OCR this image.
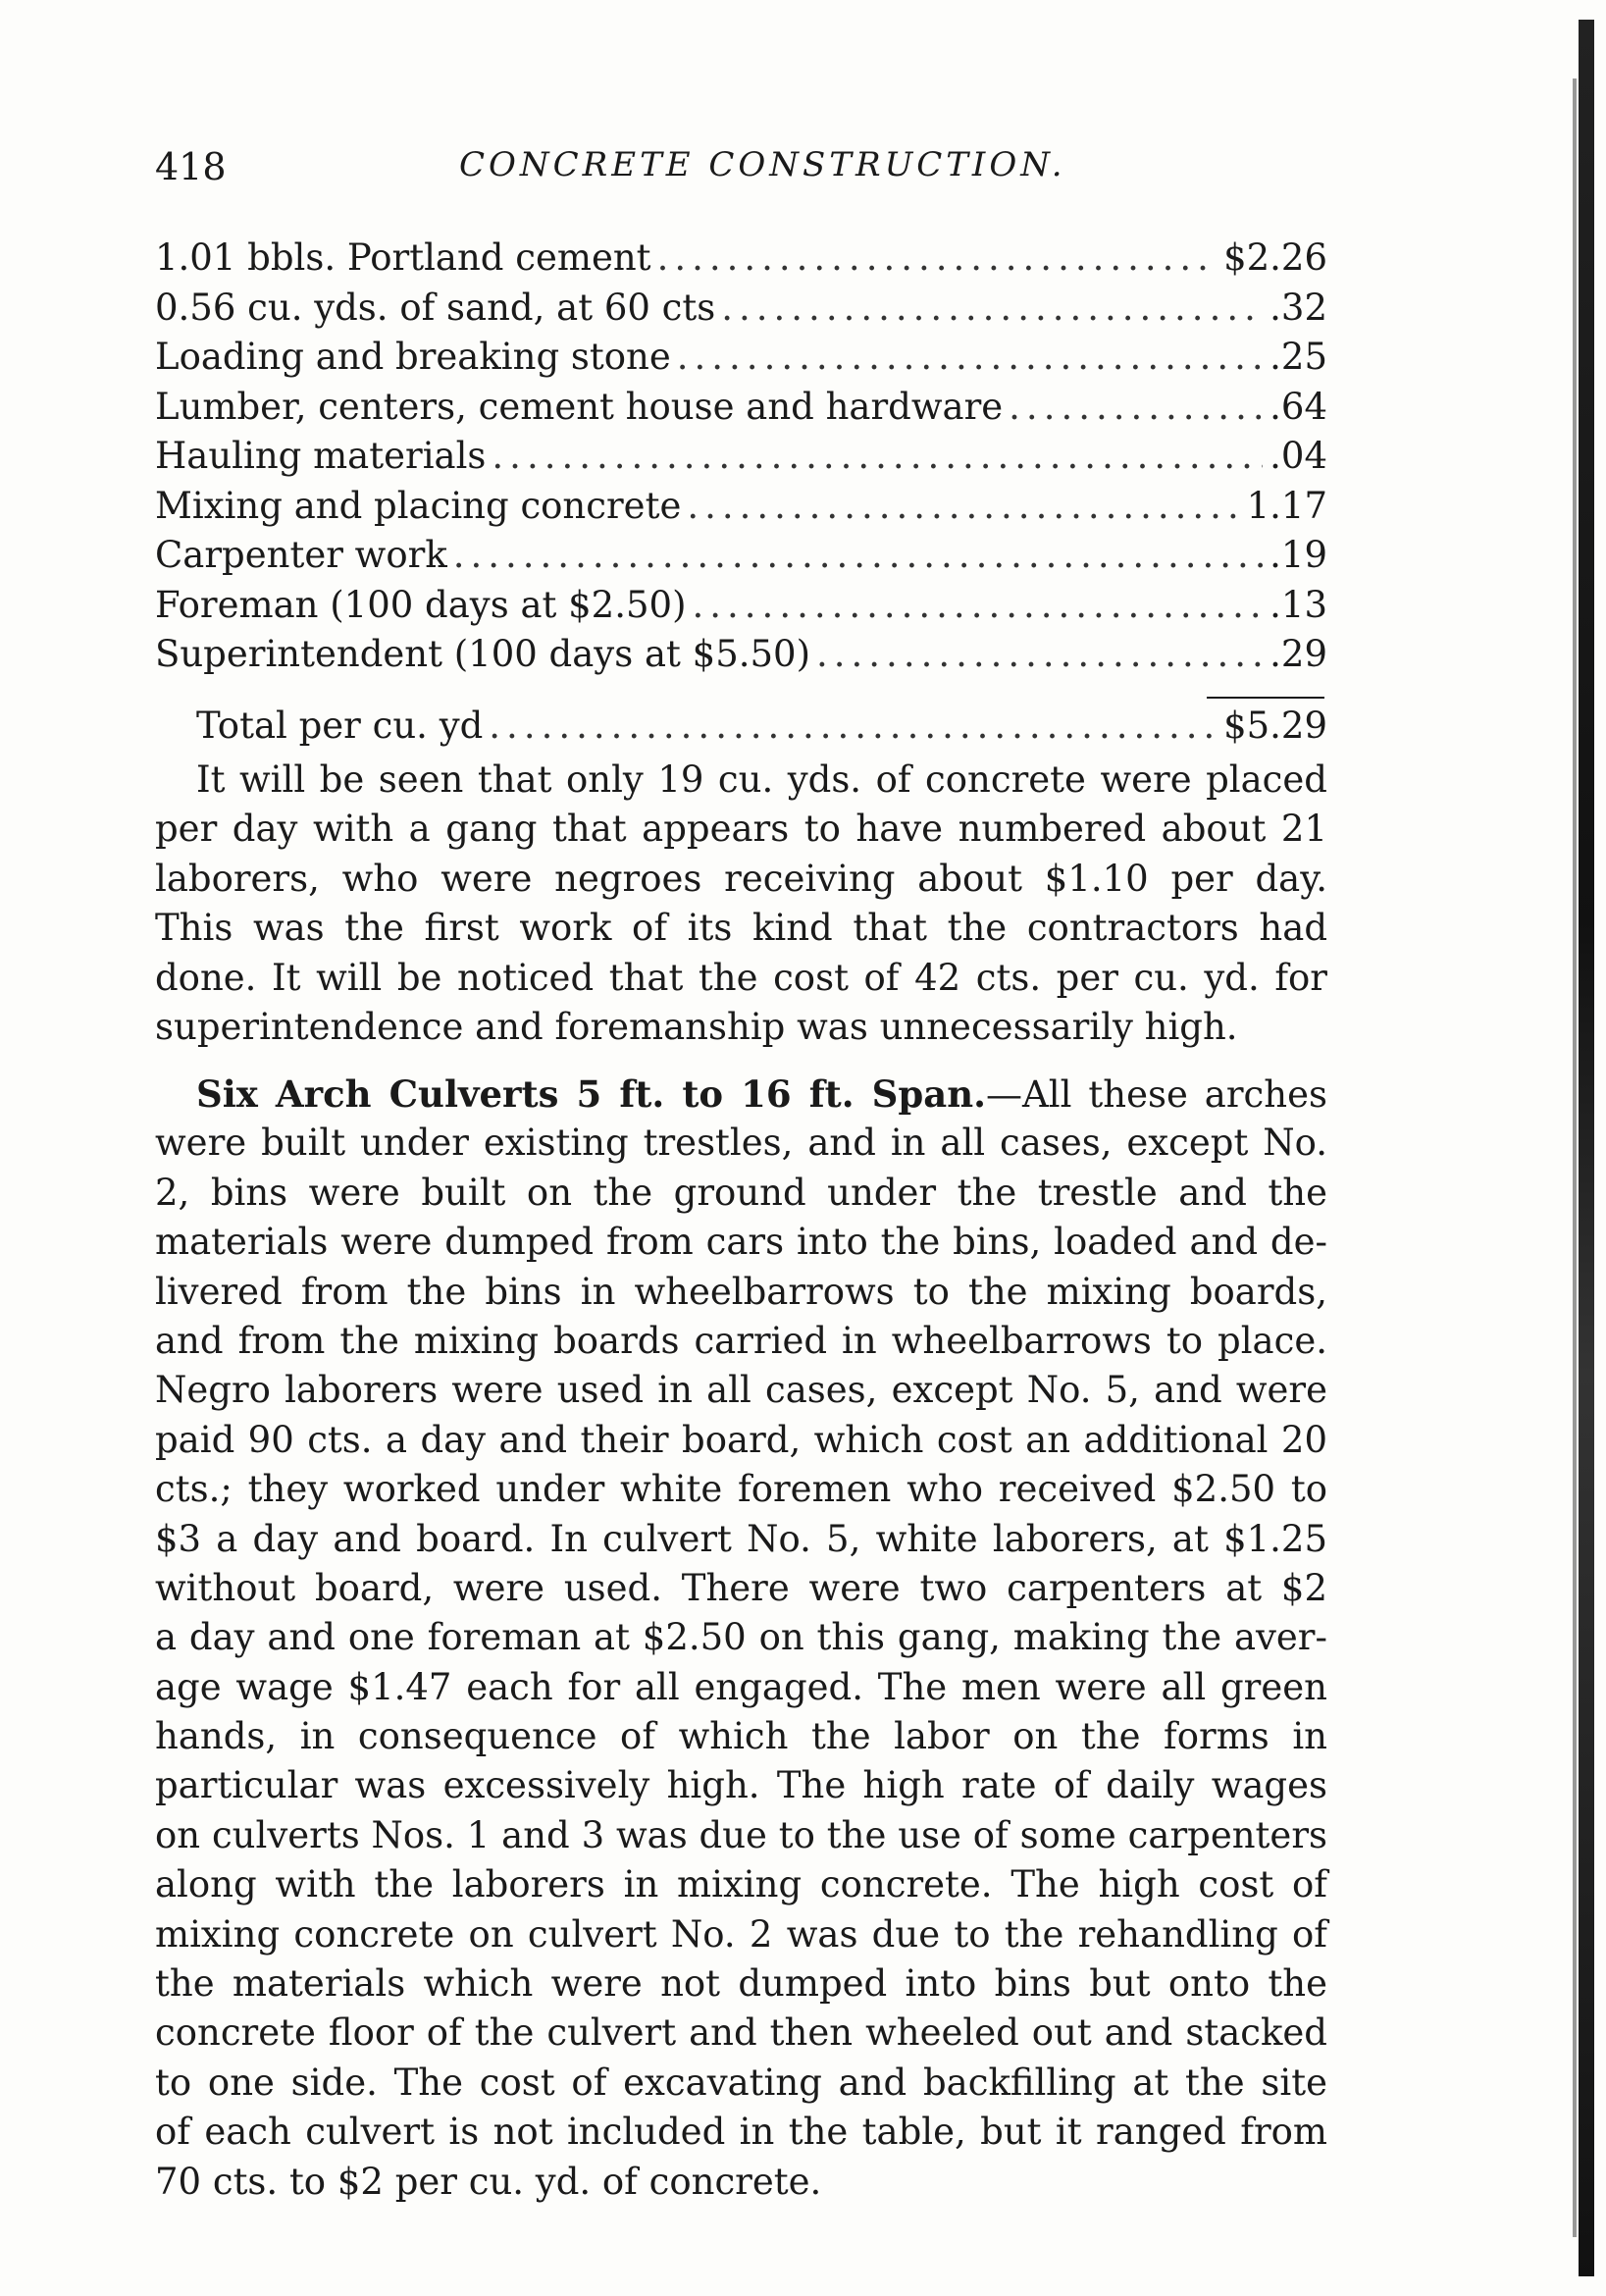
418	CONCRETE CONSTRUCTION.
1.01 bbls. Portland cement .....	$2.26
0.56 cu. yds. of sand, at 60 cts .....	.32
Loading and breaking stone .....	.25
Lumber, centers, cement house and hardware .....	.64
Hauling materials .....	.04
Mixing and placing concrete .....	1.17
Carpenter work .....	.19
Foreman (100 days at $2.50) .....	.13
Superintendent (100 days at $5.50) .....	.29
Total per cu. yd .....	$5.29
It will be seen that only 19 cu. yds. of concrete were placed
per day with a gang that appears to have numbered about 21
laborers, who were negroes receiving about $1.10 per day.
This was the first work of its kind that the contractors had
done. It will be noticed that the cost of 42 cts. per cu. yd. for
superintendence and foremanship was unnecessarily high.
Six Arch Culverts 5 ft. to 16 ft. Span.—All these arches
were built under existing trestles, and in all cases, except No.
2, bins were built on the ground under the trestle and the
materials were dumped from cars into the bins, loaded and de-
livered from the bins in wheelbarrows to the mixing boards,
and from the mixing boards carried in wheelbarrows to place.
Negro laborers were used in all cases, except No. 5, and were
paid 90 cts. a day and their board, which cost an additional 20
cts.; they worked under white foremen who received $2.50 to
$3 a day and board. In culvert No. 5, white laborers, at $1.25
without board, were used. There were two carpenters at $2
a day and one foreman at $2.50 on this gang, making the aver-
age wage $1.47 each for all engaged. The men were all green
hands, in consequence of which the labor on the forms in
particular was excessively high. The high rate of daily wages
on culverts Nos. 1 and 3 was due to the use of some carpenters
along with the laborers in mixing concrete. The high cost of
mixing concrete on culvert No. 2 was due to the rehandling of
the materials which were not dumped into bins but onto the
concrete floor of the culvert and then wheeled out and stacked
to one side. The cost of excavating and backfilling at the site
of each culvert is not included in the table, but it ranged from
70 cts. to $2 per cu. yd. of concrete.
